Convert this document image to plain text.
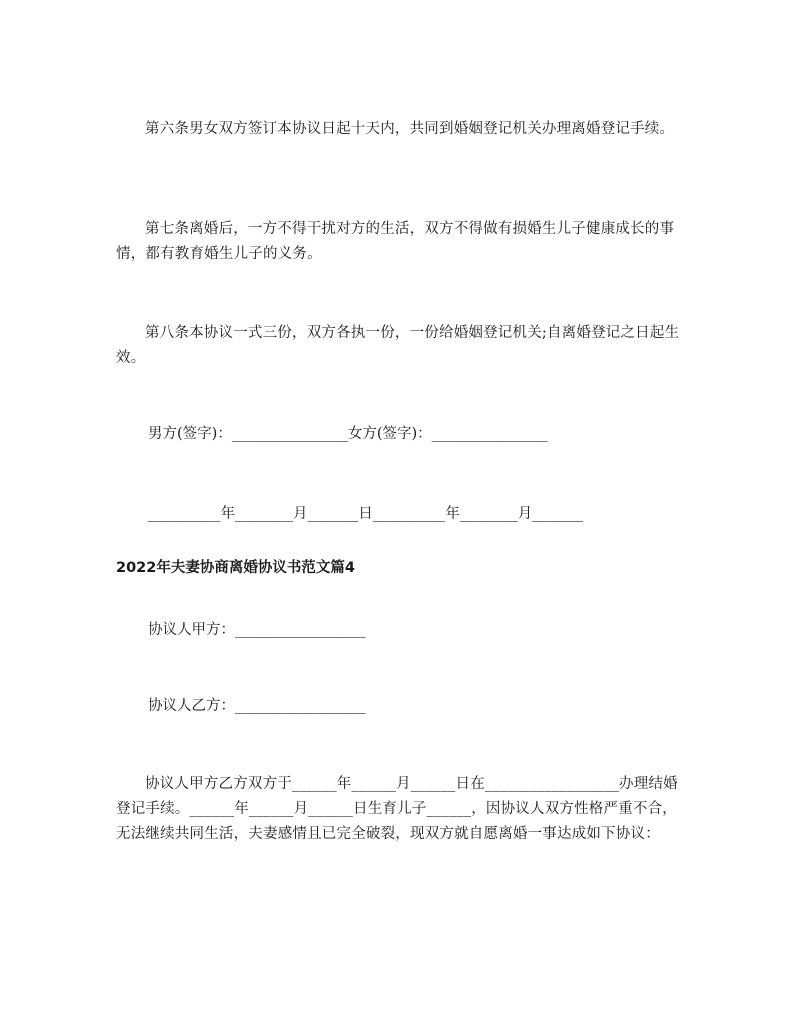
第六条男女双方签订本协议日起十天内，共同到婚姻登记机关办理离婚登记手续。

第七条离婚后，一方不得干扰对方的生活，双方不得做有损婚生儿子健康成长的事情，都有教育婚生儿子的义务。

第八条本协议一式三份，双方各执一份，一份给婚姻登记机关;自离婚登记之日起生效。

男方(签字)：________________女方(签字)：________________

__________年________月_______日__________年________月_______

2022年夫妻协商离婚协议书范文篇4

协议人甲方：__________________

协议人乙方：__________________

协议人甲方乙方双方于______年______月______日在__________________办理结婚登记手续。______年______月______日生育儿子______，因协议人双方性格严重不合，无法继续共同生活，夫妻感情且已完全破裂，现双方就自愿离婚一事达成如下协议：
